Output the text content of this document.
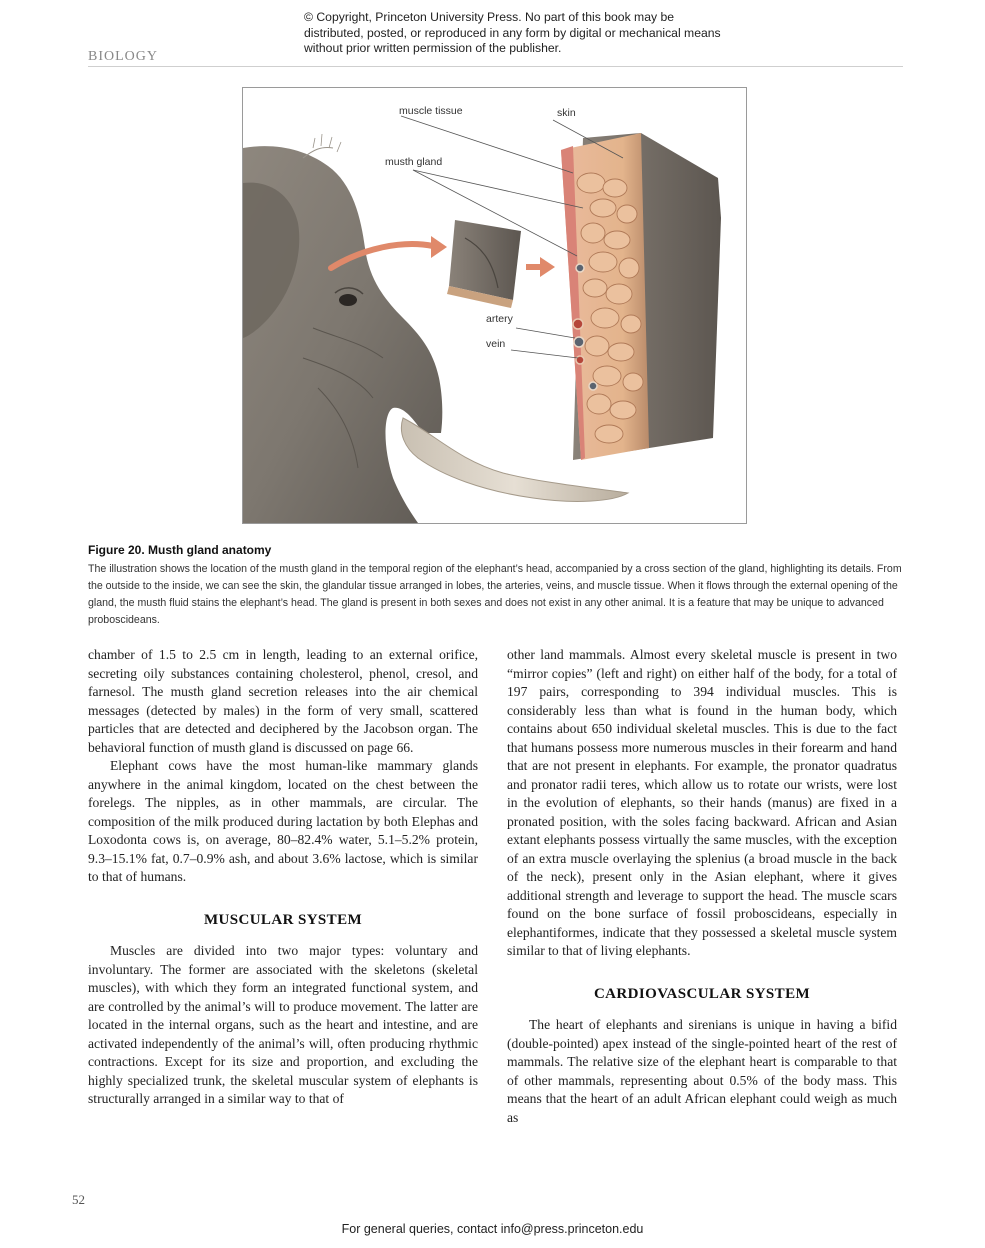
© Copyright, Princeton University Press. No part of this book may be distributed, posted, or reproduced in any form by digital or mechanical means without prior written permission of the publisher.
BIOLOGY
muscle tissue	skin
musth gland
artery
vein
Figure 20. Musth gland anatomy
The illustration shows the location of the musth gland in the temporal region of the elephant’s head, accompanied by a cross section of the gland, highlighting its details. From the outside to the inside, we can see the skin, the glandular tissue arranged in lobes, the arteries, veins, and muscle tissue. When it flows through the external opening of the gland, the musth fluid stains the elephant’s head. The gland is present in both sexes and does not exist in any other animal. It is a feature that may be unique to advanced proboscideans.

chamber of 1.5 to 2.5 cm in length, leading to an external orifice, secreting oily substances containing cholesterol, phenol, cresol, and farnesol. The musth gland secretion releases into the air chemical messages (detected by males) in the form of very small, scattered particles that are detected and deciphered by the Jacobson organ. The behavioral function of musth gland is discussed on page 66.

Elephant cows have the most human-like mammary glands anywhere in the animal kingdom, located on the chest between the forelegs. The nipples, as in other mammals, are circular. The composition of the milk produced during lactation by both Elephas and Loxodonta cows is, on average, 80–82.4% water, 5.1–5.2% protein, 9.3–15.1% fat, 0.7–0.9% ash, and about 3.6% lactose, which is similar to that of humans.

MUSCULAR SYSTEM

Muscles are divided into two major types: voluntary and involuntary. The former are associated with the skeletons (skeletal muscles), with which they form an integrated functional system, and are controlled by the animal’s will to produce movement. The latter are located in the internal organs, such as the heart and intestine, and are activated independently of the animal’s will, often producing rhythmic contractions. Except for its size and proportion, and excluding the highly specialized trunk, the skeletal muscular system of elephants is structurally arranged in a similar way to that of

other land mammals. Almost every skeletal muscle is present in two “mirror copies” (left and right) on either half of the body, for a total of 197 pairs, corresponding to 394 individual muscles. This is considerably less than what is found in the human body, which contains about 650 individual skeletal muscles. This is due to the fact that humans possess more numerous muscles in their forearm and hand that are not present in elephants. For example, the pronator quadratus and pronator radii teres, which allow us to rotate our wrists, were lost in the evolution of elephants, so their hands (manus) are fixed in a pronated position, with the soles facing backward. African and Asian extant elephants possess virtually the same muscles, with the exception of an extra muscle overlaying the splenius (a broad muscle in the back of the neck), present only in the Asian elephant, where it gives additional strength and leverage to support the head. The muscle scars found on the bone surface of fossil proboscideans, especially in elephantiformes, indicate that they possessed a skeletal muscle system similar to that of living elephants.

CARDIOVASCULAR SYSTEM

The heart of elephants and sirenians is unique in having a bifid (double-pointed) apex instead of the single-pointed heart of the rest of mammals. The relative size of the elephant heart is comparable to that of other mammals, representing about 0.5% of the body mass. This means that the heart of an adult African elephant could weigh as much as

52
For general queries, contact info@press.princeton.edu
